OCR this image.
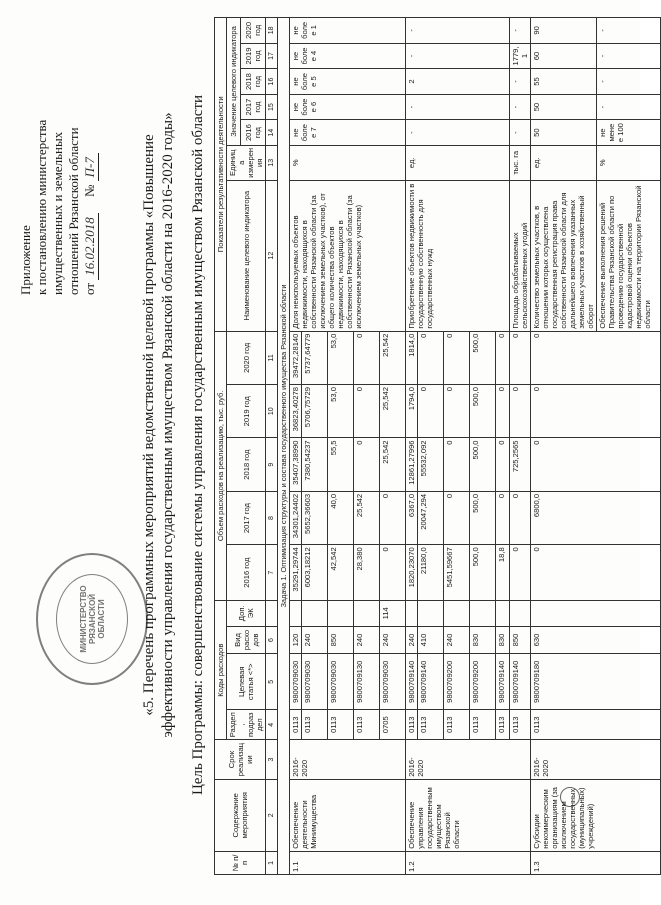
МИНИСТЕРСТВО
РЯЗАНСКОЙ
ОБЛАСТИ
Приложение к постановлению министерства имущественных и земельных отношений Рязанской области от 16.02.2018     № П-7	«5. Перечень программных мероприятий ведомственной целевой программы «Повышение эффективности управления государственным имуществом Рязанской области на 2016-2020 годы» Цель Программы: совершенствование системы управления государственным имуществом Рязанской области
№ п/п	Содержание мероприятия	Срок реализации	Коды расходов				Объем расходов на реализацию, тыс. руб.					Показатели результативности деятельности						
			Раздел, подраздел	Целевая статья <*>	Вид расходов	Доп. ЭК	2016 год	2017 год	2018 год	2019 год	2020 год	Наименование целевого индикатора	Единица измерения	Значение целевого индикатора				
														2016 год	2017 год	2018 год	2019 год	2020 год
1	2	3	4	5	6		7	8	9	10	11	12	13	14	15	16	17	18
Задача 1. Оптимизация структуры и состава государственного имущества Рязанской области																		
1.1	Обеспечение деятельности Минимущества	2016-2020	0113	9800709030	120		35291,29744	34301,24402	35407,38990	36823,40278	39472,28140	Доля неиспользуемых объектов недвижимости, находящихся в собственности Рязанской области (за исключением земельных участков), от общего количества объектов недвижимости, находящихся в собственности Рязанской области (за исключением земельных участков)	%	не более 7	не более 6	не более 5	не более 4	не более 1
			0113	9800709030	240		6003,18212	5652,36603	7380,54237	5706,75729	5737,64779							
			0113	9800709030	850		42,542	40,0	55,5	53,0	53,0							
			0113	9800709130	240		28,380	25,542	0	0	0							
			0705	9800709030	240	114	0	0	25,542	25,542	25,542							
1.2	Обеспечение управления государственным имуществом Рязанской области	2016-2020	0113	9800709140	240		1820,23070	6367,0	12861,27996	1794,0	1814,0	Приобретение объектов недвижимости в государственную собственность для государственных нужд	ед.	-	-	2	-	-
			0113	9800709140	410		21180,0	20047,294	55532,092	0	0							
			0113	9800709200	240		5451,59667	0	0	0	0							
			0113	9800709200	830		500,0	500,0	500,0	500,0	500,0							
			0113	9800709140	830		18,8	0	0	0	0							
			0113	9800709140	850		0	0	725,2565	0	0	Площадь обрабатываемых сельскохозяйственных угодий	тыс. га	-	-	-	1779,1	-
1.3	Субсидии некоммерческим организациям (за исключением государственных (муниципальных) учреждений)	2016-2020	0113	9800709180	630		0	6800,0	0	0	0	Количество земельных участков, в отношении которых осуществлена государственная регистрация права собственности Рязанской области для дальнейшего вовлечения указанных земельных участков в хозяйственный оборот	ед.	50	50	55	60	90
												Обеспечение выполнения решений Правительства Рязанской области по проведению государственной кадастровой оценки объектов недвижимости на территории Рязанской области	%	не менее 100	-	-	-	-
